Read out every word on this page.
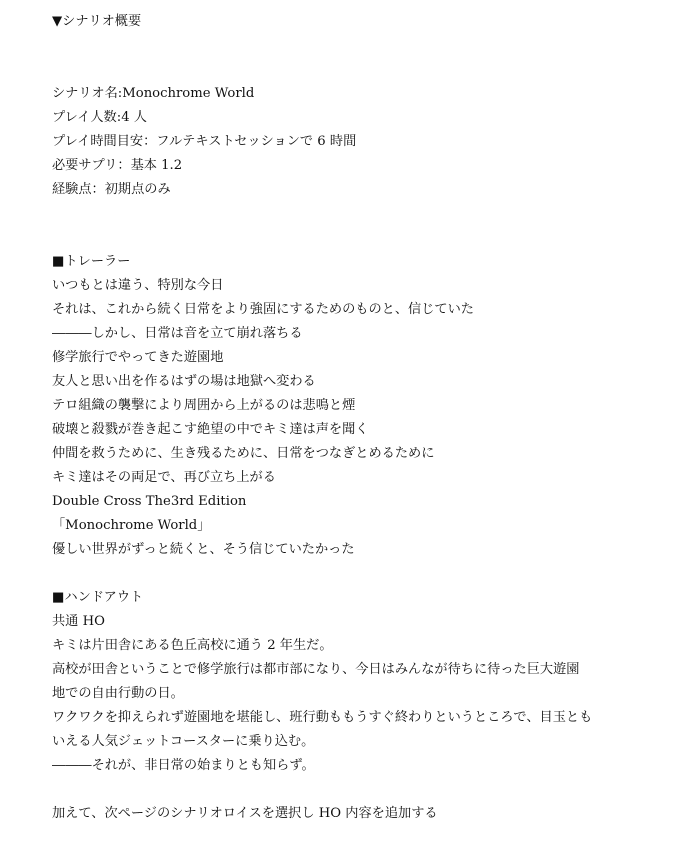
▼シナリオ概要
シナリオ名:Monochrome World
プレイ人数:4 人
プレイ時間目安：フルテキストセッションで 6 時間
必要サプリ：基本 1.2
経験点：初期点のみ
■トレーラー
いつもとは違う、特別な今日
それは、これから続く日常をより強固にするためのものと、信じていた
―――しかし、日常は音を立て崩れ落ちる
修学旅行でやってきた遊園地
友人と思い出を作るはずの場は地獄へ変わる
テロ組織の襲撃により周囲から上がるのは悲鳴と煙
破壊と殺戮が巻き起こす絶望の中でキミ達は声を聞く
仲間を救うために、生き残るために、日常をつなぎとめるために
キミ達はその両足で、再び立ち上がる
Double Cross The3rd Edition
「Monochrome World」
優しい世界がずっと続くと、そう信じていたかった
■ハンドアウト
共通 HO
キミは片田舎にある色丘高校に通う 2 年生だ。
高校が田舎ということで修学旅行は都市部になり、今日はみんなが待ちに待った巨大遊園
地での自由行動の日。
ワクワクを抑えられず遊園地を堪能し、班行動ももうすぐ終わりというところで、目玉とも
いえる人気ジェットコースターに乗り込む。
―――それが、非日常の始まりとも知らず。
加えて、次ページのシナリオロイスを選択し HO 内容を追加する
